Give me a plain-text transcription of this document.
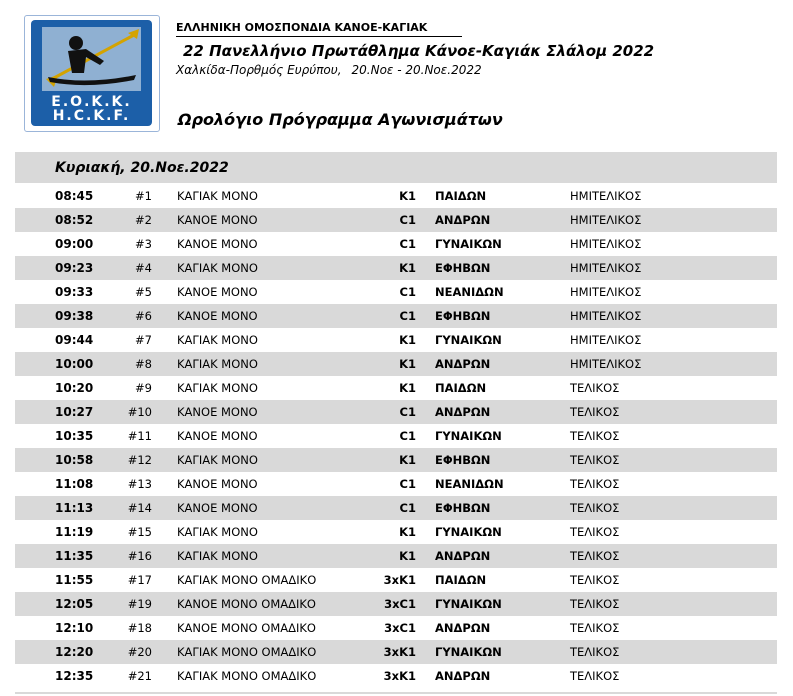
Ε.Ο.Κ.Κ.
H.C.K.F.
ΕΛΛΗΝΙΚΗ ΟΜΟΣΠΟΝΔΙΑ ΚΑΝΟΕ-ΚΑΓΙΑΚ
22 Πανελλήνιο Πρωτάθλημα Κάνοε-Καγιάκ Σλάλομ 2022
Χαλκίδα-Πορθμός Ευρύπου, 20.Νοε - 20.Νοε.2022
Ωρολόγιο Πρόγραμμα Αγωνισμάτων
Κυριακή, 20.Νοε.2022
08:45	#1 ΚΑΓΙΑΚ ΜΟΝΟ	K1 ΠΑΙΔΩΝ	ΗΜΙΤΕΛΙΚΟΣ
08:52	#2 ΚΑΝΟΕ ΜΟΝΟ	C1 ΑΝΔΡΩΝ	ΗΜΙΤΕΛΙΚΟΣ
09:00	#3 ΚΑΝΟΕ ΜΟΝΟ	C1 ΓΥΝΑΙΚΩΝ	ΗΜΙΤΕΛΙΚΟΣ
09:23	#4 ΚΑΓΙΑΚ ΜΟΝΟ	K1 ΕΦΗΒΩΝ	ΗΜΙΤΕΛΙΚΟΣ
09:33	#5 ΚΑΝΟΕ ΜΟΝΟ	C1 ΝΕΑΝΙΔΩΝ	ΗΜΙΤΕΛΙΚΟΣ
09:38	#6 ΚΑΝΟΕ ΜΟΝΟ	C1 ΕΦΗΒΩΝ	ΗΜΙΤΕΛΙΚΟΣ
09:44	#7 ΚΑΓΙΑΚ ΜΟΝΟ	K1 ΓΥΝΑΙΚΩΝ	ΗΜΙΤΕΛΙΚΟΣ
10:00	#8 ΚΑΓΙΑΚ ΜΟΝΟ	K1 ΑΝΔΡΩΝ	ΗΜΙΤΕΛΙΚΟΣ
10:20	#9 ΚΑΓΙΑΚ ΜΟΝΟ	K1 ΠΑΙΔΩΝ	ΤΕΛΙΚΟΣ
10:27	#10 ΚΑΝΟΕ ΜΟΝΟ	C1 ΑΝΔΡΩΝ	ΤΕΛΙΚΟΣ
10:35	#11 ΚΑΝΟΕ ΜΟΝΟ	C1 ΓΥΝΑΙΚΩΝ	ΤΕΛΙΚΟΣ
10:58	#12 ΚΑΓΙΑΚ ΜΟΝΟ	K1 ΕΦΗΒΩΝ	ΤΕΛΙΚΟΣ
11:08	#13 ΚΑΝΟΕ ΜΟΝΟ	C1 ΝΕΑΝΙΔΩΝ	ΤΕΛΙΚΟΣ
11:13	#14 ΚΑΝΟΕ ΜΟΝΟ	C1 ΕΦΗΒΩΝ	ΤΕΛΙΚΟΣ
11:19	#15 ΚΑΓΙΑΚ ΜΟΝΟ	K1 ΓΥΝΑΙΚΩΝ	ΤΕΛΙΚΟΣ
11:35	#16 ΚΑΓΙΑΚ ΜΟΝΟ	K1 ΑΝΔΡΩΝ	ΤΕΛΙΚΟΣ
11:55	#17 ΚΑΓΙΑΚ ΜΟΝΟ ΟΜΑΔΙΚΟ	3xK1 ΠΑΙΔΩΝ	ΤΕΛΙΚΟΣ
12:05	#19 ΚΑΝΟΕ ΜΟΝΟ ΟΜΑΔΙΚΟ	3xC1 ΓΥΝΑΙΚΩΝ	ΤΕΛΙΚΟΣ
12:10	#18 ΚΑΝΟΕ ΜΟΝΟ ΟΜΑΔΙΚΟ	3xC1 ΑΝΔΡΩΝ	ΤΕΛΙΚΟΣ
12:20	#20 ΚΑΓΙΑΚ ΜΟΝΟ ΟΜΑΔΙΚΟ	3xK1 ΓΥΝΑΙΚΩΝ	ΤΕΛΙΚΟΣ
12:35	#21 ΚΑΓΙΑΚ ΜΟΝΟ ΟΜΑΔΙΚΟ	3xK1 ΑΝΔΡΩΝ	ΤΕΛΙΚΟΣ
